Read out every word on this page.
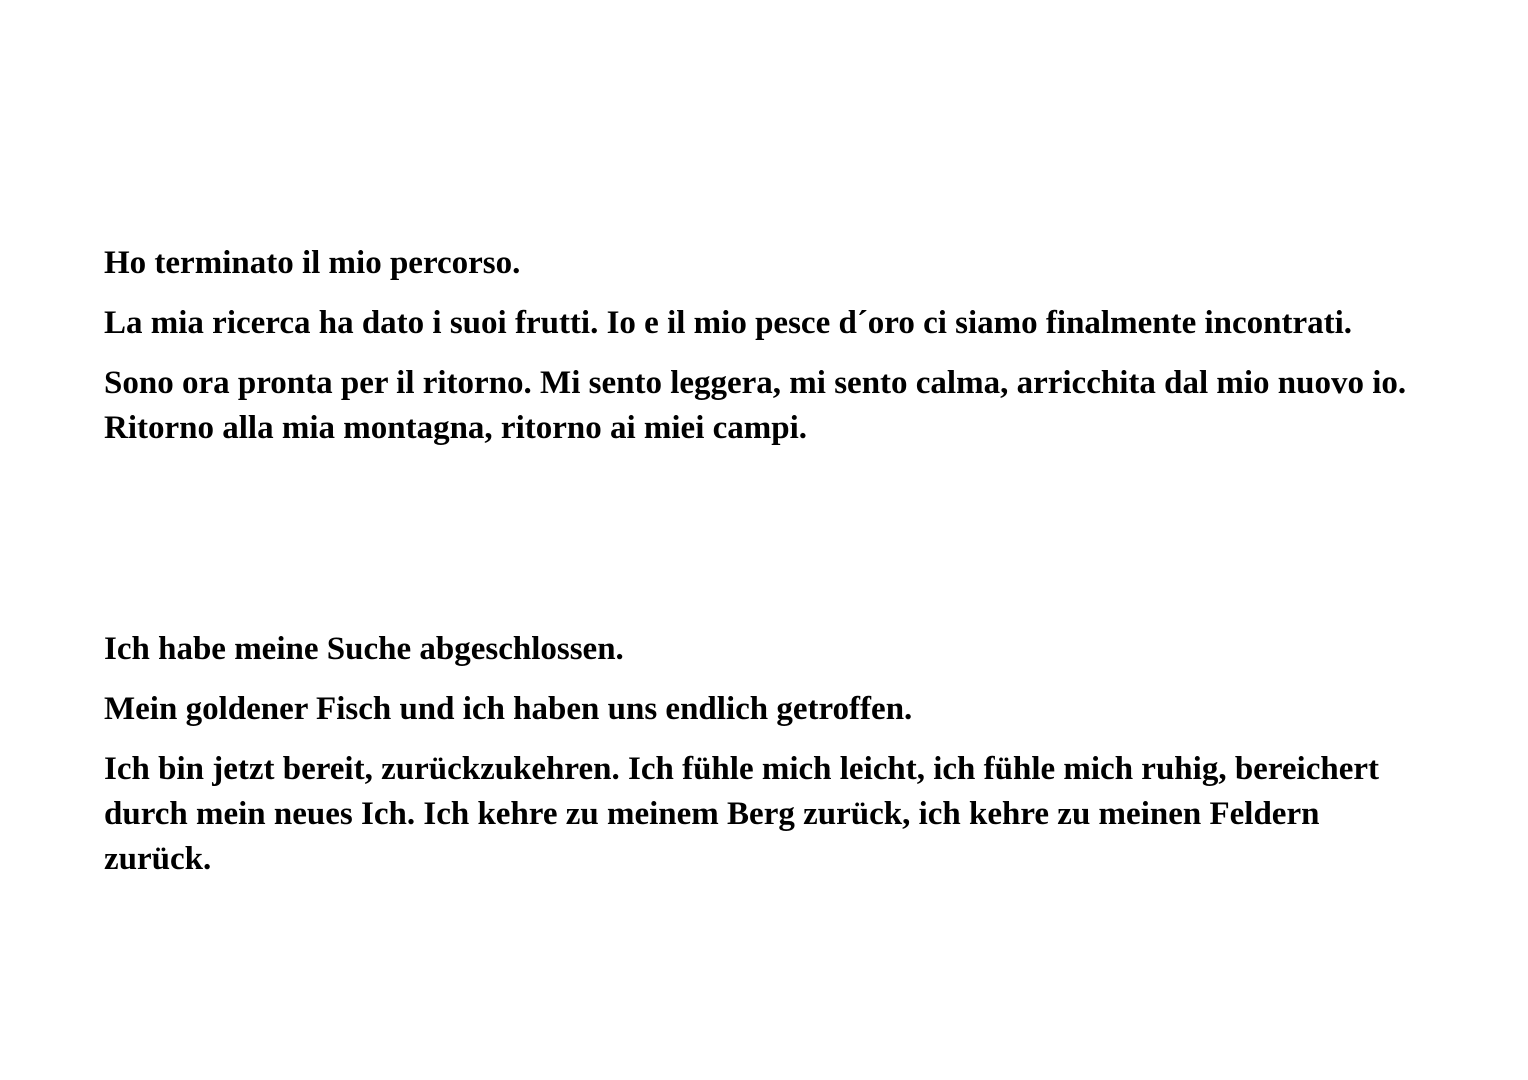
Ho terminato il mio percorso.

La mia ricerca ha dato i suoi frutti. Io e il mio pesce d´oro ci siamo finalmente incontrati.

Sono ora pronta per il ritorno. Mi sento leggera, mi sento calma, arricchita dal mio nuovo io. Ritorno alla mia montagna, ritorno ai miei campi.

Ich habe meine Suche abgeschlossen.

Mein goldener Fisch und ich haben uns endlich getroffen.

Ich bin jetzt bereit, zurückzukehren. Ich fühle mich leicht, ich fühle mich ruhig, bereichert durch mein neues Ich. Ich kehre zu meinem Berg zurück, ich kehre zu meinen Feldern zurück.
